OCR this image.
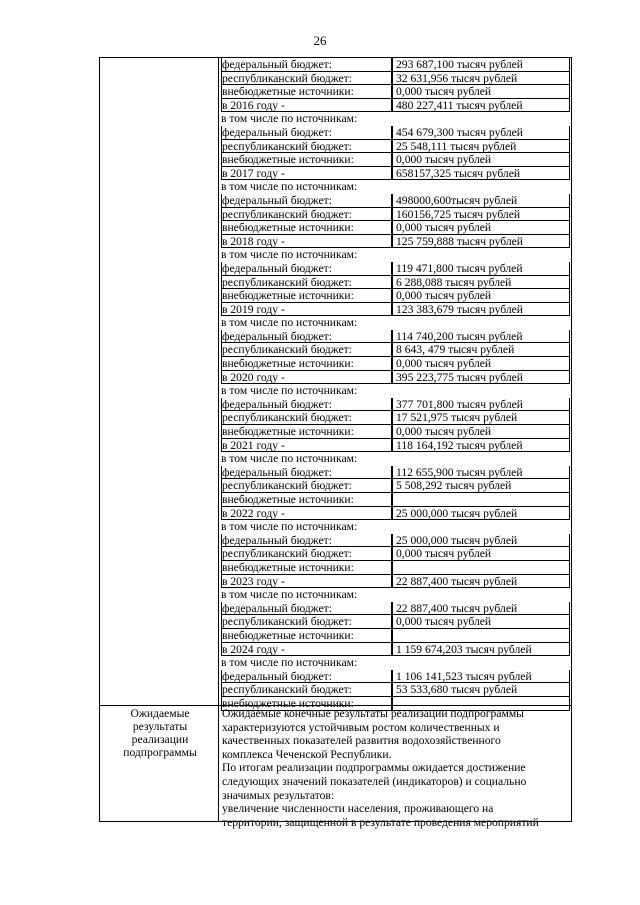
26
федеральный бюджет:	293 687,100 тысяч рублей
республиканский бюджет:	32 631,956 тысяч рублей
внебюджетные источники:	0,000 тысяч рублей
в 2016 году -	480 227,411 тысяч рублей
в том числе по источникам:
федеральный бюджет:	454 679,300 тысяч рублей
республиканский бюджет:	25 548,111 тысяч рублей
внебюджетные источники:	0,000 тысяч рублей
в 2017 году -	658157,325 тысяч рублей
в том числе по источникам:
федеральный бюджет:	498000,600тысяч рублей
республиканский бюджет:	160156,725 тысяч рублей
внебюджетные источники:	0,000 тысяч рублей
в 2018 году -	125 759,888 тысяч рублей
в том числе по источникам:
федеральный бюджет:	119 471,800 тысяч рублей
республиканский бюджет:	6 288,088 тысяч рублей
внебюджетные источники:	0,000 тысяч рублей
в 2019 году -	123 383,679 тысяч рублей
в том числе по источникам:
федеральный бюджет:	114 740,200 тысяч рублей
республиканский бюджет:	8 643, 479 тысяч рублей
внебюджетные источники:	0,000 тысяч рублей
в 2020 году -	395 223,775 тысяч рублей
в том числе по источникам:
федеральный бюджет:	377 701,800 тысяч рублей
республиканский бюджет:	17 521,975 тысяч рублей
внебюджетные источники:	0,000 тысяч рублей
в 2021 году -	118 164,192 тысяч рублей
в том числе по источникам:
федеральный бюджет:	112 655,900 тысяч рублей
республиканский бюджет:	5 508,292 тысяч рублей
внебюджетные источники:
в 2022 году -	25 000,000 тысяч рублей
в том числе по источникам:
федеральный бюджет:	25 000,000 тысяч рублей
республиканский бюджет:	0,000 тысяч рублей
внебюджетные источники:
в 2023 году -	22 887,400 тысяч рублей
в том числе по источникам:
федеральный бюджет:	22 887,400 тысяч рублей
республиканский бюджет:	0,000 тысяч рублей
внебюджетные источники:
в 2024 году -	1 159 674,203 тысяч рублей
в том числе по источникам:
федеральный бюджет:	1 106 141,523 тысяч рублей
республиканский бюджет:	53 533,680 тысяч рублей
внебюджетные источники:
Ожидаемые
результаты
реализации
подпрограммы
Ожидаемые конечные результаты реализации подпрограммы
характеризуются устойчивым ростом количественных и
качественных показателей развития водохозяйственного
комплекса Чеченской Республики.
По итогам реализации подпрограммы ожидается достижение
следующих значений показателей (индикаторов) и социально
значимых результатов:
увеличение численности населения, проживающего на
территории, защищенной в результате проведения мероприятий
